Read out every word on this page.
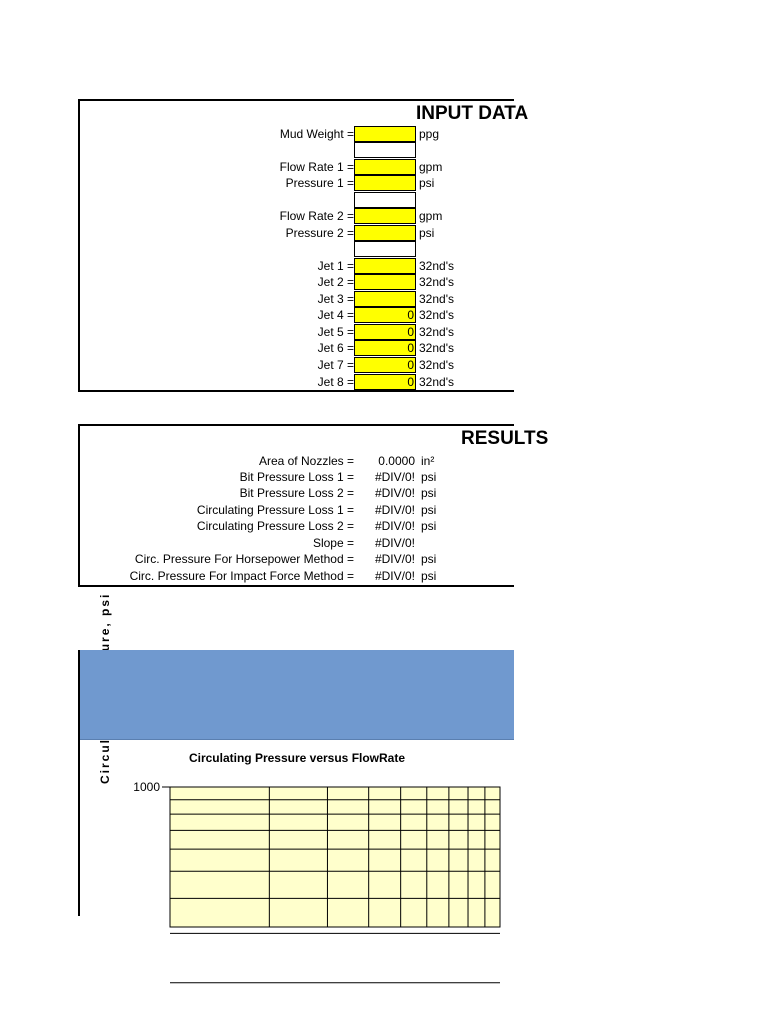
INPUT DATA
Mud Weight =	ppg
Flow Rate 1 =	gpm
Pressure 1 =	psi
Flow Rate 2 =	gpm
Pressure 2 =	psi
Jet 1 =	32nd's
Jet 2 =	32nd's
Jet 3 =	32nd's
Jet 4 =	0 32nd's
Jet 5 =	0 32nd's
Jet 6 =	0 32nd's
Jet 7 =	0 32nd's
Jet 8 =	0 32nd's
RESULTS
Area of Nozzles =	0.0000 in²
Bit Pressure Loss 1 =	#DIV/0! psi
Bit Pressure Loss 2 =	#DIV/0! psi
Circulating Pressure Loss 1 =	#DIV/0! psi
Circulating Pressure Loss 2 =	#DIV/0! psi
Slope =	#DIV/0!
Circ. Pressure For Horsepower Method =	#DIV/0! psi
Circ. Pressure For Impact Force Method =	#DIV/0! psi
Circulating Pressure versus FlowRate
1000
